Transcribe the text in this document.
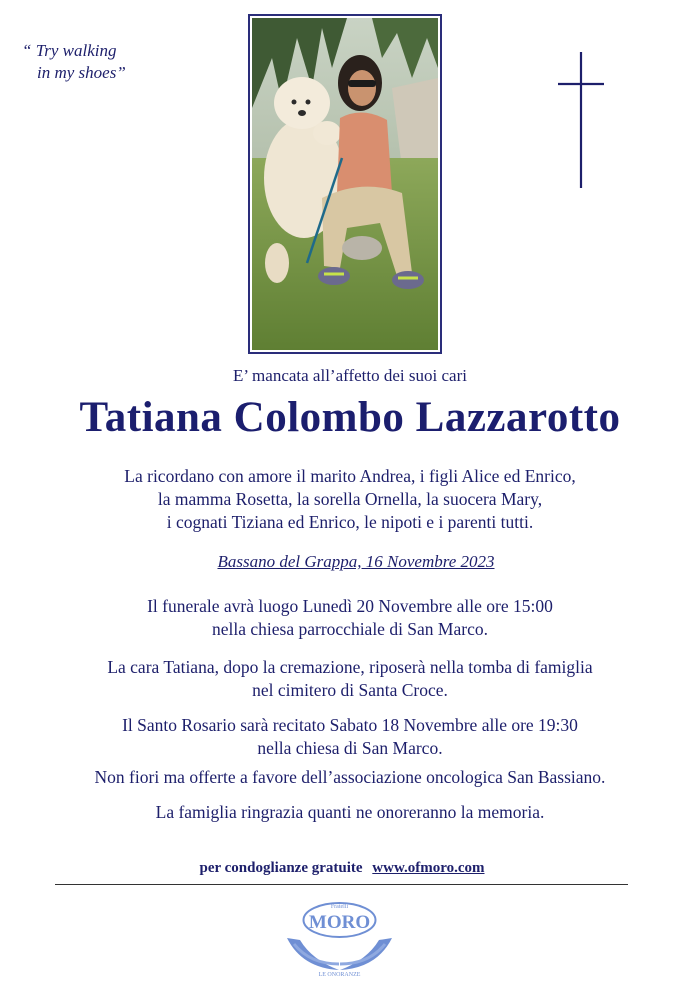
“ Try walking
in my shoes”
E’ mancata all’affetto dei suoi cari
Tatiana Colombo Lazzarotto
La ricordano con amore il marito Andrea, i figli Alice ed Enrico,
la mamma Rosetta, la sorella Ornella, la suocera Mary,
i cognati Tiziana ed Enrico, le nipoti e i parenti tutti.
Bassano del Grappa, 16 Novembre 2023
Il funerale avrà luogo Lunedì 20 Novembre alle ore 15:00
nella chiesa parrocchiale di San Marco.
La cara Tatiana, dopo la cremazione, riposerà nella tomba di famiglia
nel cimitero di Santa Croce.
Il Santo Rosario sarà recitato Sabato 18 Novembre alle ore 19:30
nella chiesa di San Marco.
Non fiori ma offerte a favore dell’associazione oncologica San Bassiano.
La famiglia ringrazia quanti ne onoreranno la memoria.
per condoglianze gratuite www.ofmoro.com
Fratelli
MORO
LE ONORANZE
